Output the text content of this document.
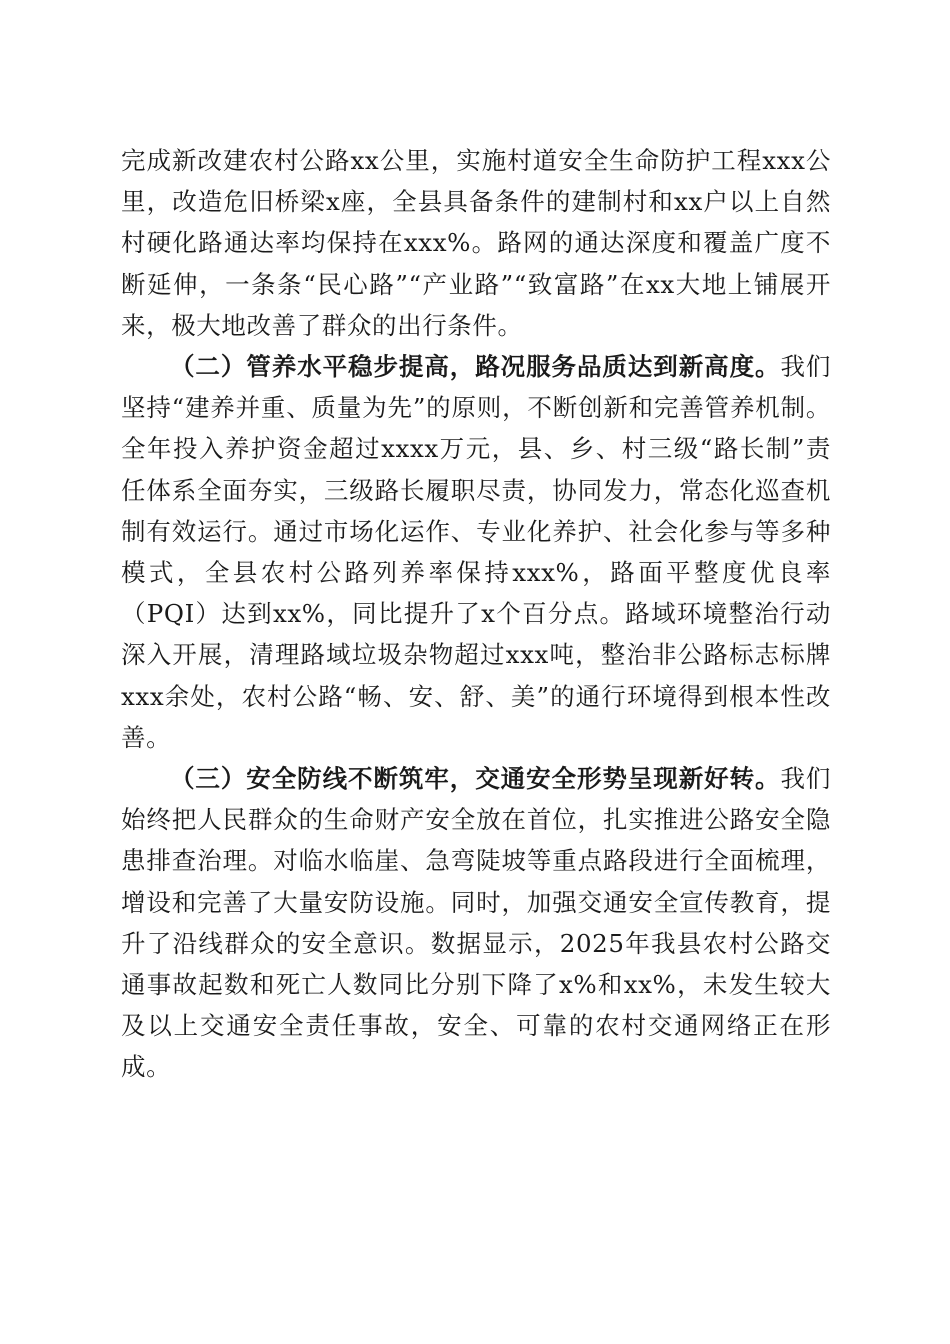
完成新改建农村公路xx公里，实施村道安全生命防护工程xxx公里，改造危旧桥梁x座，全县具备条件的建制村和xx户以上自然村硬化路通达率均保持在xxx%。路网的通达深度和覆盖广度不断延伸，一条条“民心路”“产业路”“致富路”在xx大地上铺展开来，极大地改善了群众的出行条件。

（二）管养水平稳步提高，路况服务品质达到新高度。我们坚持“建养并重、质量为先”的原则，不断创新和完善管养机制。全年投入养护资金超过xxxx万元，县、乡、村三级“路长制”责任体系全面夯实，三级路长履职尽责，协同发力，常态化巡查机制有效运行。通过市场化运作、专业化养护、社会化参与等多种模式，全县农村公路列养率保持xxx%，路面平整度优良率（PQI）达到xx%，同比提升了x个百分点。路域环境整治行动深入开展，清理路域垃圾杂物超过xxx吨，整治非公路标志标牌xxx余处，农村公路“畅、安、舒、美”的通行环境得到根本性改善。

（三）安全防线不断筑牢，交通安全形势呈现新好转。我们始终把人民群众的生命财产安全放在首位，扎实推进公路安全隐患排查治理。对临水临崖、急弯陡坡等重点路段进行全面梳理，增设和完善了大量安防设施。同时，加强交通安全宣传教育，提升了沿线群众的安全意识。数据显示，2025年我县农村公路交通事故起数和死亡人数同比分别下降了x%和xx%，未发生较大及以上交通安全责任事故，安全、可靠的农村交通网络正在形成。
